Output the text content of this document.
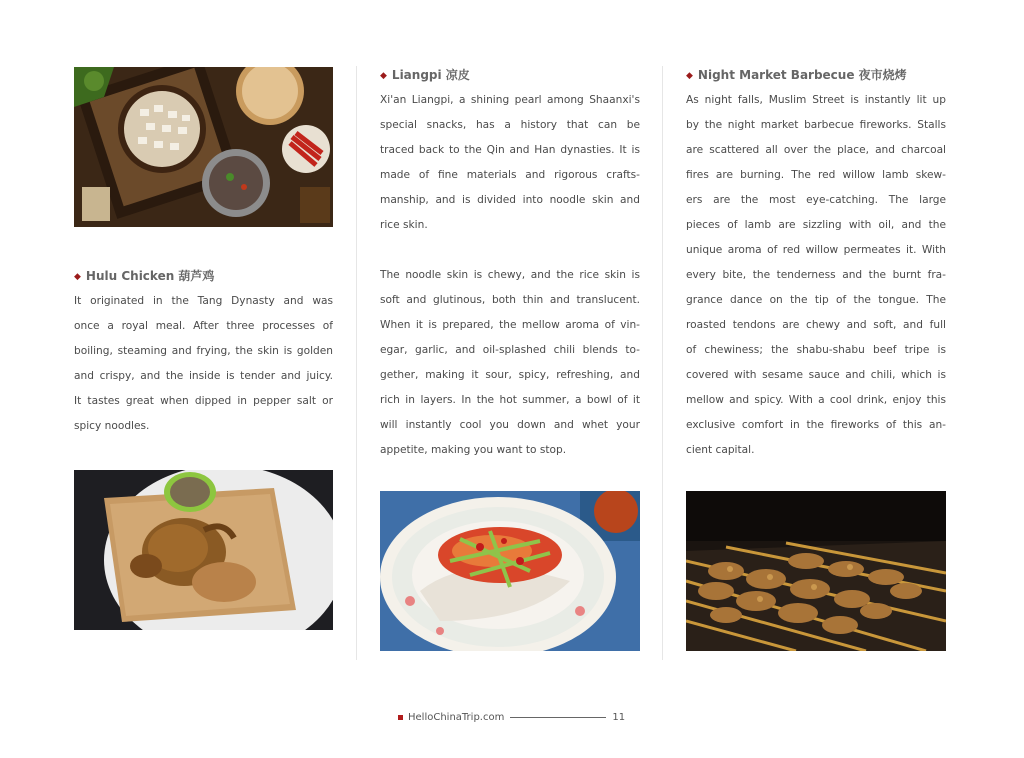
◆ Hulu Chicken 葫芦鸡
It originated in the Tang Dynasty and was
once a royal meal. After three processes of
boiling, steaming and frying, the skin is golden
and crispy, and the inside is tender and juicy.
It tastes great when dipped in pepper salt or
spicy noodles.
◆ Liangpi 凉皮
Xi'an Liangpi, a shining pearl among Shaanxi's
special snacks, has a history that can be
traced back to the Qin and Han dynasties. It is
made of fine materials and rigorous crafts-
manship, and is divided into noodle skin and
rice skin.
The noodle skin is chewy, and the rice skin is
soft and glutinous, both thin and translucent.
When it is prepared, the mellow aroma of vin-
egar, garlic, and oil-splashed chili blends to-
gether, making it sour, spicy, refreshing, and
rich in layers. In the hot summer, a bowl of it
will instantly cool you down and whet your
appetite, making you want to stop.
◆ Night Market Barbecue 夜市烧烤
As night falls, Muslim Street is instantly lit up
by the night market barbecue fireworks. Stalls
are scattered all over the place, and charcoal
fires are burning. The red willow lamb skew-
ers are the most eye-catching. The large
pieces of lamb are sizzling with oil, and the
unique aroma of red willow permeates it. With
every bite, the tenderness and the burnt fra-
grance dance on the tip of the tongue. The
roasted tendons are chewy and soft, and full
of chewiness; the shabu-shabu beef tripe is
covered with sesame sauce and chili, which is
mellow and spicy. With a cool drink, enjoy this
exclusive comfort in the fireworks of this an-
cient capital.
HelloChinaTrip.com	11
